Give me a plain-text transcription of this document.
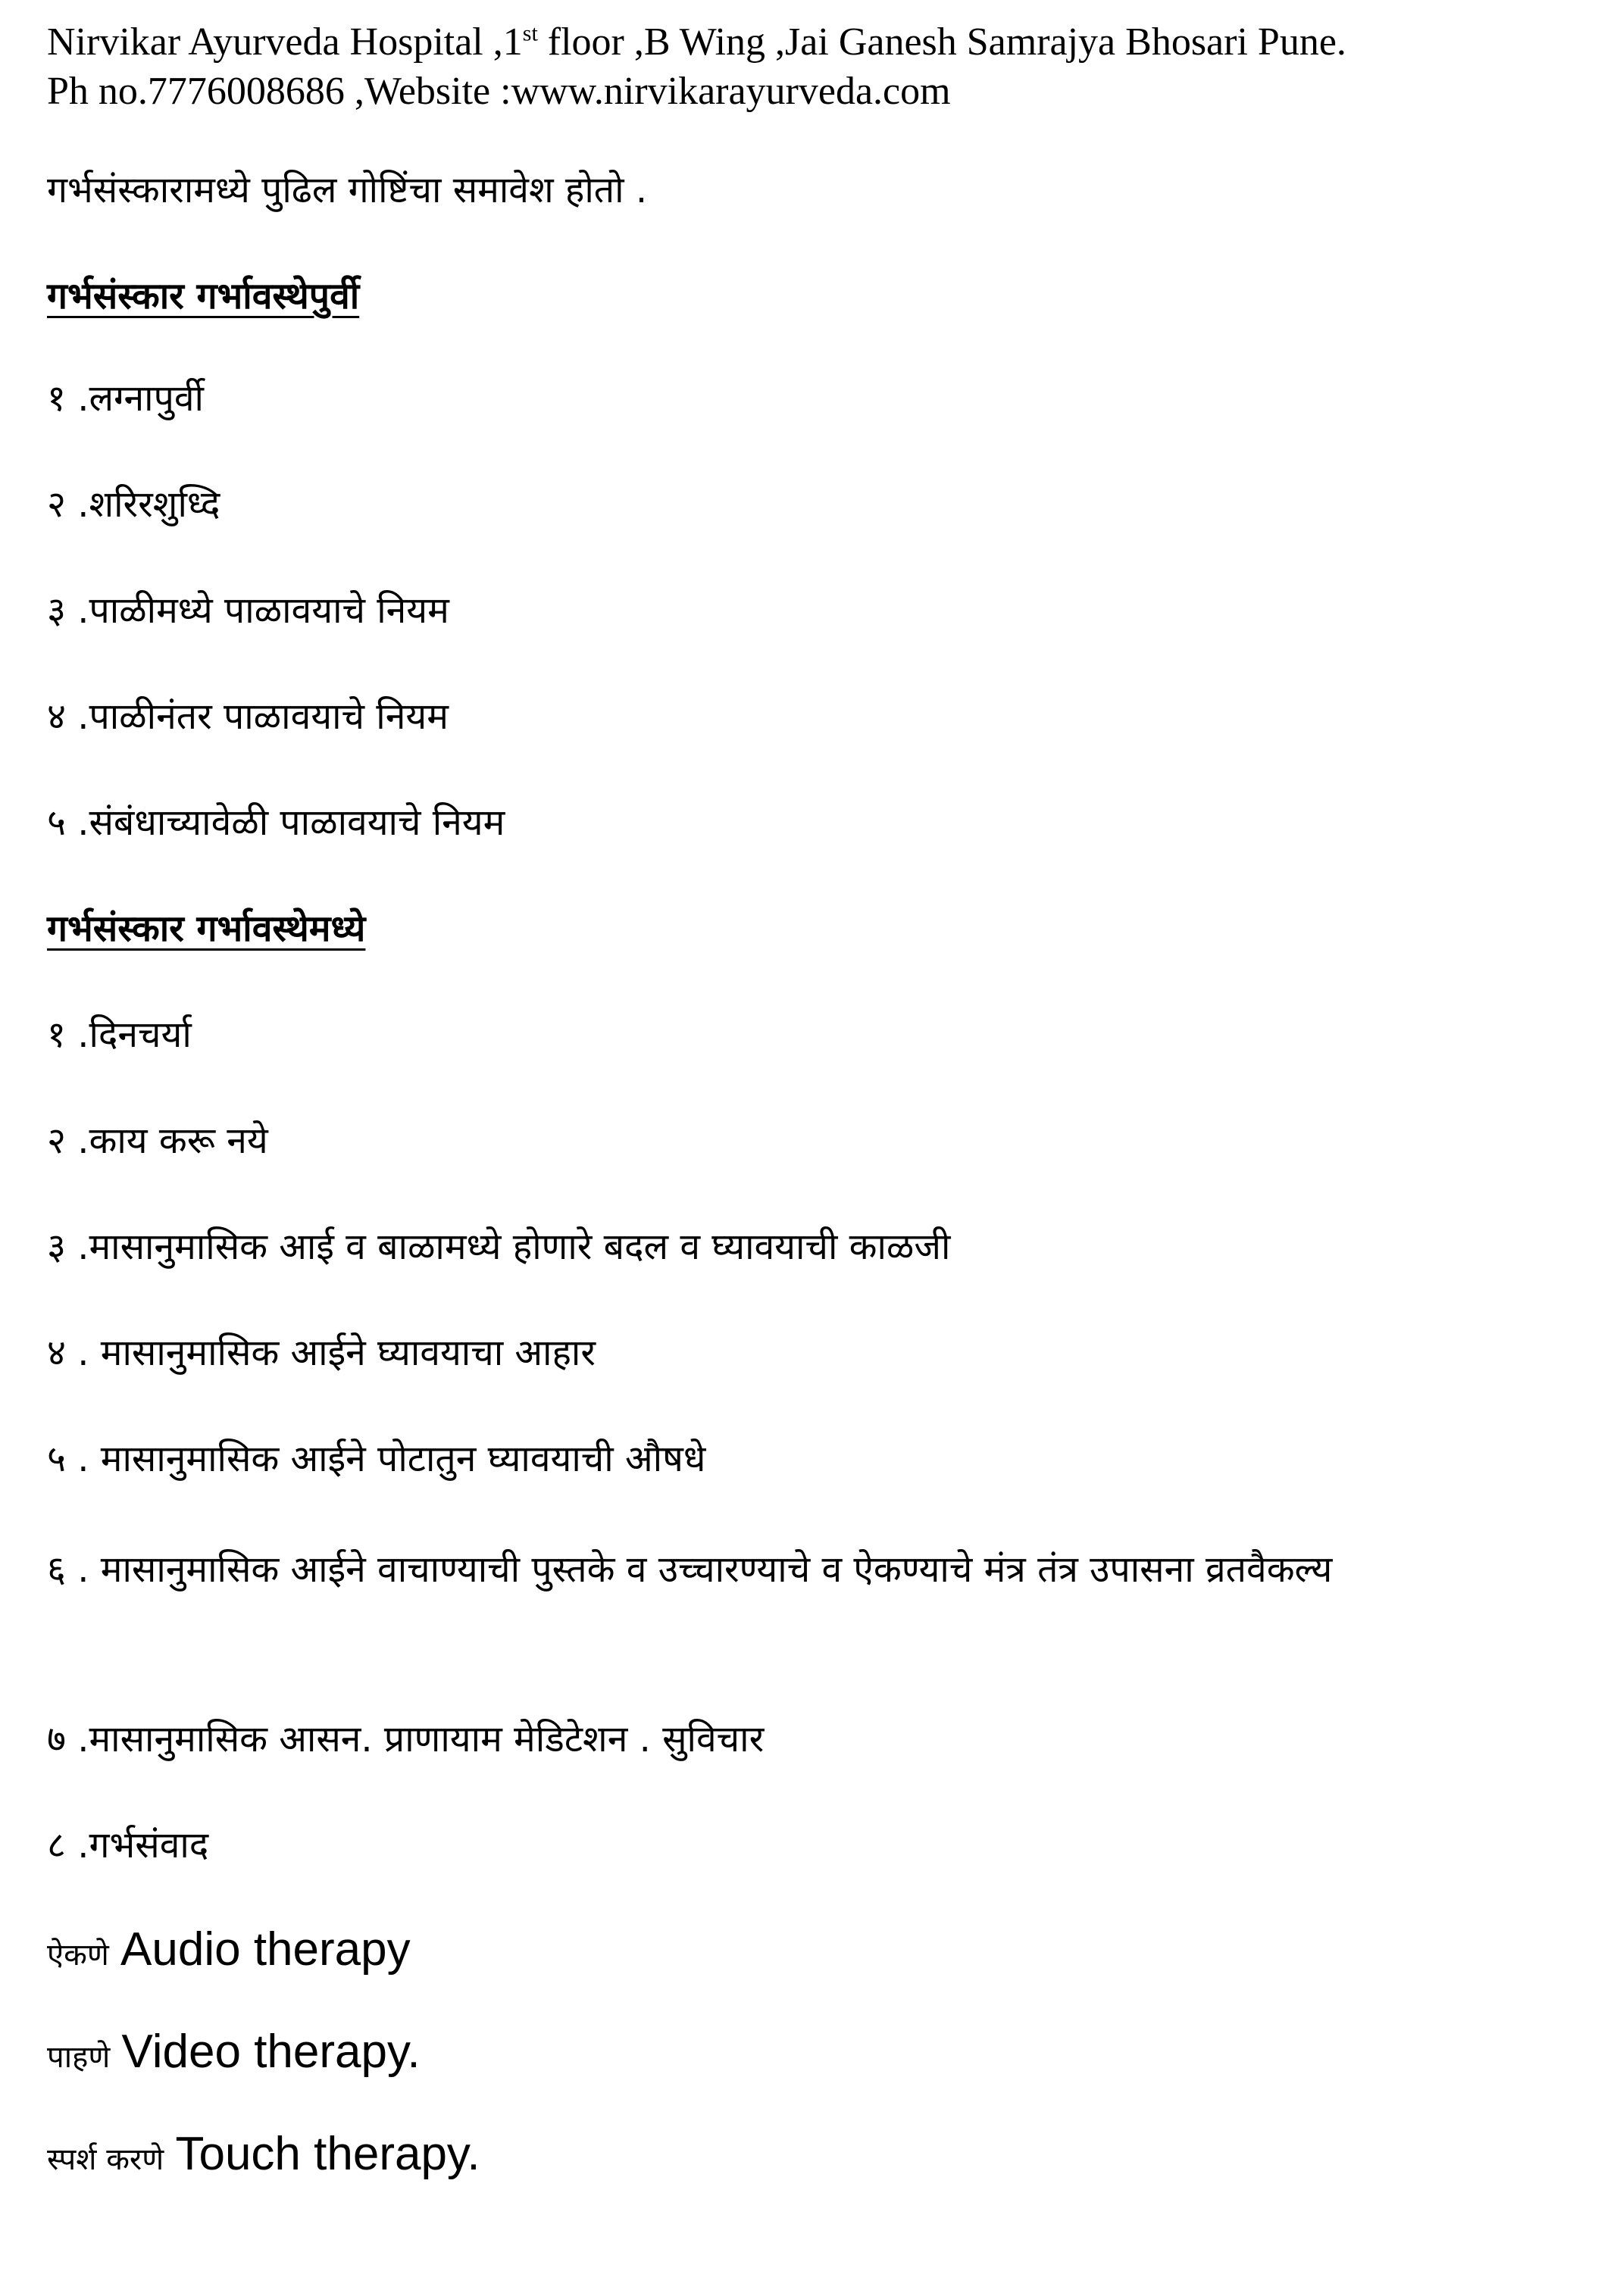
Nirvikar Ayurveda Hospital ,1st floor ,B Wing ,Jai Ganesh Samrajya Bhosari Pune.
Ph no.7776008686 ,Website :www.nirvikarayurveda.com
गर्भसंस्कारामध्ये पुढिल गोष्टिंचा समावेश होतो .
गर्भसंस्कार गर्भावस्थेपुर्वी
१ .लग्नापुर्वी
२ .शरिरशुध्दि
३ .पाळीमध्ये पाळावयाचे नियम
४ .पाळीनंतर पाळावयाचे नियम
५ .संबंधाच्यावेळी पाळावयाचे नियम
गर्भसंस्कार गर्भावस्थेमध्ये
१ .दिनचर्या
२ .काय करू नये
३ .मासानुमासिक आई व बाळामध्ये होणारे बदल व घ्यावयाची काळजी
४ . मासानुमासिक आईने घ्यावयाचा आहार
५ . मासानुमासिक आईने पोटातुन घ्यावयाची औषधे
६ . मासानुमासिक आईने वाचाण्याची पुस्तके व उच्चारण्याचे व ऐकण्याचे मंत्र तंत्र उपासना व्रतवैकल्य
७ .मासानुमासिक आसन. प्राणायाम मेडिटेशन . सुविचार
८ .गर्भसंवाद
ऐकणे Audio therapy
पाहणे Video therapy.
स्पर्श करणे Touch therapy.
